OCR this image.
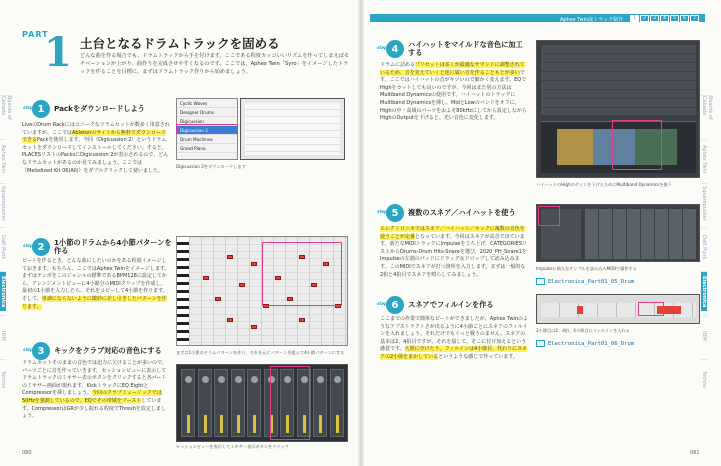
Aphex Twin流トラック制作	1	2	3	4	5	6	7
Boards of Canada
Aphex Twin
Squarepusher
Daft Punk
Electronica
IDM
Techno
Boards of Canada
Aphex Twin
Squarepusher
Daft Punk
Electronica
IDM
Techno
PART
1 土台となるドラムトラックを固める
どんな曲を作る場合でも、ドラムトラックから手を付けます。ここである程度カッコいいリズムを作ってしまえばモチベーションが上がり、曲作りを完成させやすくなるのです。ここでは、Aphex Twin「Syro」をイメージしたトラックを作ることを目標に、まずはドラムトラック作りから始めましょう。
step 1	Packをダウンロードしよう
LiveのDrum Rackにはユニークなドラムセットが数多く用意されていますが、ここではAbletonのサイトから無料でダウンロードできるPackを使用します。今回（Digicussion 2）というドラムセットをダウンロードしてインストールしてください。すると、PLACESリストのPacksにDigicussion 2が表示されるので、どんなドラムセットがあるのか見てみましょう。ここでは（Melodized Kit 06(All)）をダブルクリックして使いました。
Cyclic Waves
Designer Drums
Digicussion
Digicussion 2
Drum Machines
Grand Piano
Digicussion 2をダウンロードします
step 2	1小節のドラムから4小節パターンを作る
ビートを作るとき、どんな曲にしたいのかをある程度イメージしておきます。もちろん、ここではAphex Twinをイメージします。まずはテンポをこのジャンルの標準であるBPM128に設定してから、アレンジメントビューに4小節分のMIDIクリップを作成し、最初の1小節を入力したら、それをコピーして4小節を作ります。そして、単調にならないように微妙に差し引きしたパターンを作ります。
まずは1小節のドラムパターンを作り、それを元にパターンを組んで4小節パターンにする
step 3	キックをクラブ対応の音色にする
ドラムセットそのままの音色では迫力に欠けることが多いので、パーツごとに音を作っていきます。セッションビューに表示してドラムトラックのミキサー表示ボタンをクリックすると各パートのミキサー画面が現れます。KickトラックにEQ EightとCompressorを挿しましょう。今回のクラブミュージックでは50Hzを強調しているので、EQでその帯域をブーストしています。CompressorはGRが少し振れる程度でThreshを設定しましょう。
セッションビューを表示してミキサー表示ボタンをクリック
080
step 4	ハイハットをマイルドな音色に加工する
ドラムに詰めるプリセットは多くが最適なサウンドに調整されているため、音を変えていくと逆に属い音を作ることもとが多いです。ここではハイハットの音がキツいので細かく変えます。EQでHighをカットしても良いのですが、今回はまた別の方法はMultiband Dynamicsの使用です。ハイハットのトラックにMultiband Dynamicsを挿し、MidとLowのバンドをオフに、Highの中・高域のパーツをおよそ80kHzにしてから設定しながらHighのOutputを下げると、光い音色に変化します。
ハイハットのHighのゲインを下げるためにMultiband Dynamicsを使う
step 5	複数のスネア／ハイハットを使う
エレクトロニカではスネア／ハイハット／キックに複数の音色を使うことが定番となっています。今回はスネアが高音で出ています。新たなMIDIトラックにImpulseを立ち上げ、CATEGORIESリストからDrums-Drum Hits-Snareを選び、2020_PH_Snare1をImpulseの左端のパッドにドラッグ＆ドロップして読み込みます。このMIDIでスネアが打つ箇所を入力します。まずは一般的な2拍と4拍目でスネアを鳴らしてみましょう。
Impulseに新たなサンプルを読み込みMIDIで操作する
Electronica_Part01_05_Drum
step 6	スネアでフィルインを作る
ここまでの作業で簡単なビートができましたが、Aphex Twinのようなアブストラクトさが出るように4小節ごとにスネアのフィルインを入れましょう。それだけでもぐっと戦うのません。スネアの基本は2、4拍目ですが、それを崩して、そこに付け加えるという感覚です。大胆に空けたり、フィルインは4小節目、代わりにスネアの2小節をまかしているというような感じで作っています。
2小節目は2、4拍、4小節目にフィルインを入れる
Electronica_Part01_06_Drum
081
